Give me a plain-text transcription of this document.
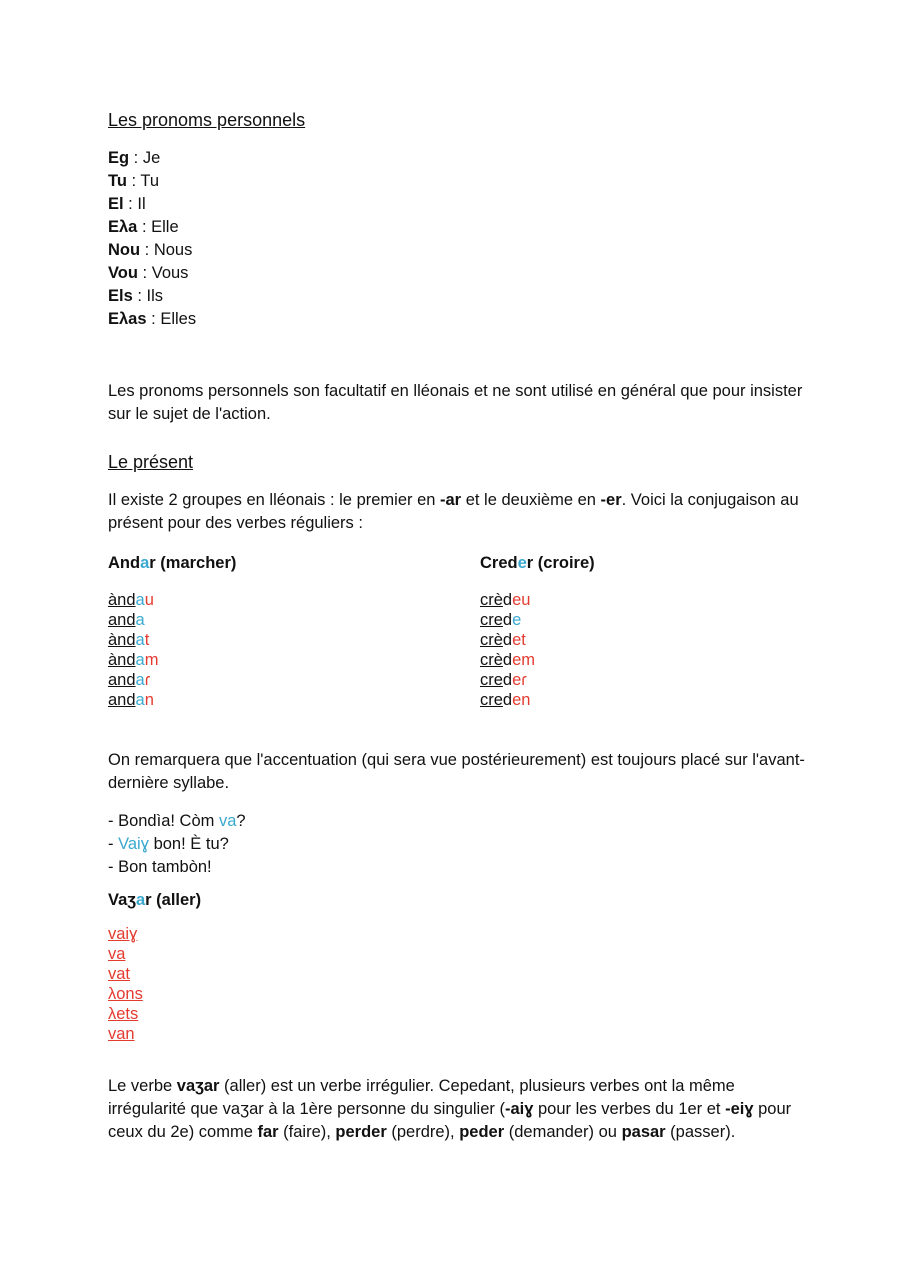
Les pronoms personnels
Eg : Je
Tu : Tu
El : Il
Eλa : Elle
Nou : Nous
Vou : Vous
Els : Ils
Eλas : Elles
Les pronoms personnels son facultatif en lléonais et ne sont utilisé en général que pour insister sur le sujet de l'action.
Le présent
Il existe 2 groupes en lléonais : le premier en -ar et le deuxième en -er. Voici la conjugaison au présent pour des verbes réguliers :
Andar (marcher)
àndau
anda
àndat
àndam
andaɾ
andan
Creder (croire)
crèdeu
crede
crèdet
crèdem
credeɾ
creden
On remarquera que l'accentuation (qui sera vue postérieurement) est toujours placé sur l'avant-dernière syllabe.
- Bondìa! Còm va?
- Vaiɣ bon! È tu?
- Bon tambòn!
Vaʒar (aller)
vaiɣ
va
vat
λons
λets
van
Le verbe vaʒar (aller) est un verbe irrégulier. Cepedant, plusieurs verbes ont la même irrégularité que vaʒar à la 1ère personne du singulier (-aiɣ pour les verbes du 1er et -eiɣ pour ceux du 2e) comme far (faire), perder (perdre), peder (demander) ou pasar (passer).
